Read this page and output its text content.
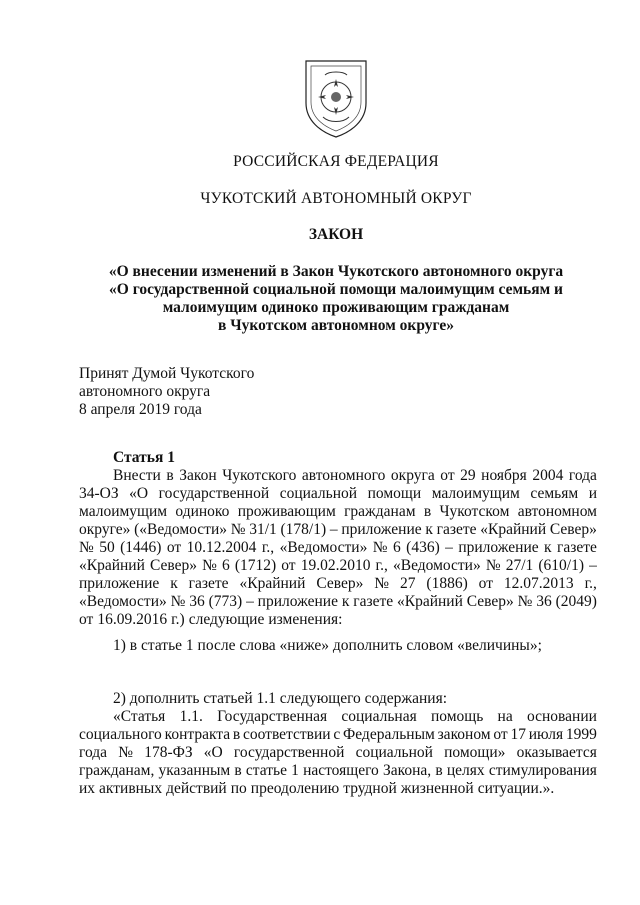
РОССИЙСКАЯ ФЕДЕРАЦИЯ
ЧУКОТСКИЙ АВТОНОМНЫЙ ОКРУГ
ЗАКОН
«О внесении изменений в Закон Чукотского автономного округа
«О государственной социальной помощи малоимущим семьям и
малоимущим одиноко проживающим гражданам
в Чукотском автономном округе»
Принят Думой Чукотского
автономного округа
8 апреля 2019 года
Статья 1
Внести в Закон Чукотского автономного округа от 29 ноября 2004 года
34-ОЗ «О государственной социальной помощи малоимущим семьям и
малоимущим одиноко проживающим гражданам в Чукотском автономном
округе» («Ведомости» № 31/1 (178/1) – приложение к газете «Крайний Север»
№ 50 (1446) от 10.12.2004 г., «Ведомости» № 6 (436) – приложение к газете
«Крайний Север» № 6 (1712) от 19.02.2010 г., «Ведомости» № 27/1 (610/1) –
приложение к газете «Крайний Север» № 27 (1886) от 12.07.2013 г.,
«Ведомости» № 36 (773) – приложение к газете «Крайний Север» № 36 (2049)
от 16.09.2016 г.) следующие изменения:
1) в статье 1 после слова «ниже» дополнить словом «величины»;
2) дополнить статьей 1.1 следующего содержания:
«Статья 1.1. Государственная социальная помощь на основании
социального контракта в соответствии с Федеральным законом от 17 июля 1999
года № 178-ФЗ «О государственной социальной помощи» оказывается
гражданам, указанным в статье 1 настоящего Закона, в целях стимулирования
их активных действий по преодолению трудной жизненной ситуации.».
